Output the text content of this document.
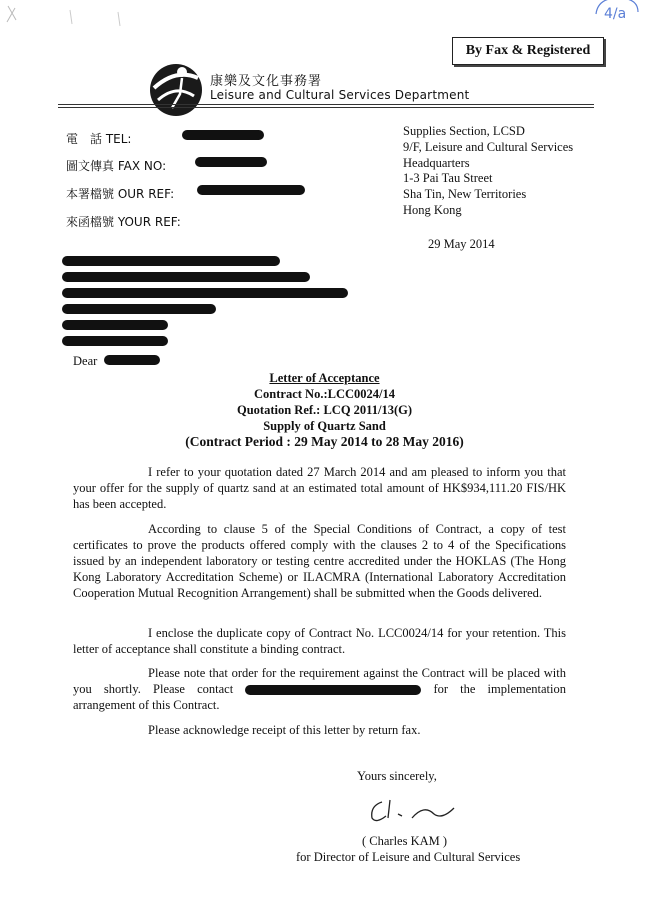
4/a
By Fax & Registered
康樂及文化事務署
Leisure and Cultural Services Department
電　話 TEL:
圖文傳真 FAX NO:
本署檔號 OUR REF:
來函檔號 YOUR REF:
Supplies Section, LCSD
9/F, Leisure and Cultural Services
Headquarters
1-3 Pai Tau Street
Sha Tin, New Territories
Hong Kong
29 May 2014
Dear
Letter of Acceptance
Contract No.:LCC0024/14
Quotation Ref.: LCQ 2011/13(G)
Supply of Quartz Sand
(Contract Period : 29 May 2014 to 28 May 2016)
I refer to your quotation dated 27 March 2014 and am pleased to inform you that your offer for the supply of quartz sand at an estimated total amount of HK$934,111.20 FIS/HK has been accepted.
According to clause 5 of the Special Conditions of Contract, a copy of test certificates to prove the products offered comply with the clauses 2 to 4 of the Specifications issued by an independent laboratory or testing centre accredited under the HOKLAS (The Hong Kong Laboratory Accreditation Scheme) or ILACMRA (International Laboratory Accreditation Cooperation Mutual Recognition Arrangement) shall be submitted when the Goods delivered.
I enclose the duplicate copy of Contract No. LCC0024/14 for your retention. This letter of acceptance shall constitute a binding contract.
Please note that order for the requirement against the Contract will be placed with you shortly. Please contact	for the implementation arrangement of this Contract.
Please acknowledge receipt of this letter by return fax.
Yours sincerely,
( Charles KAM )
for Director of Leisure and Cultural Services
